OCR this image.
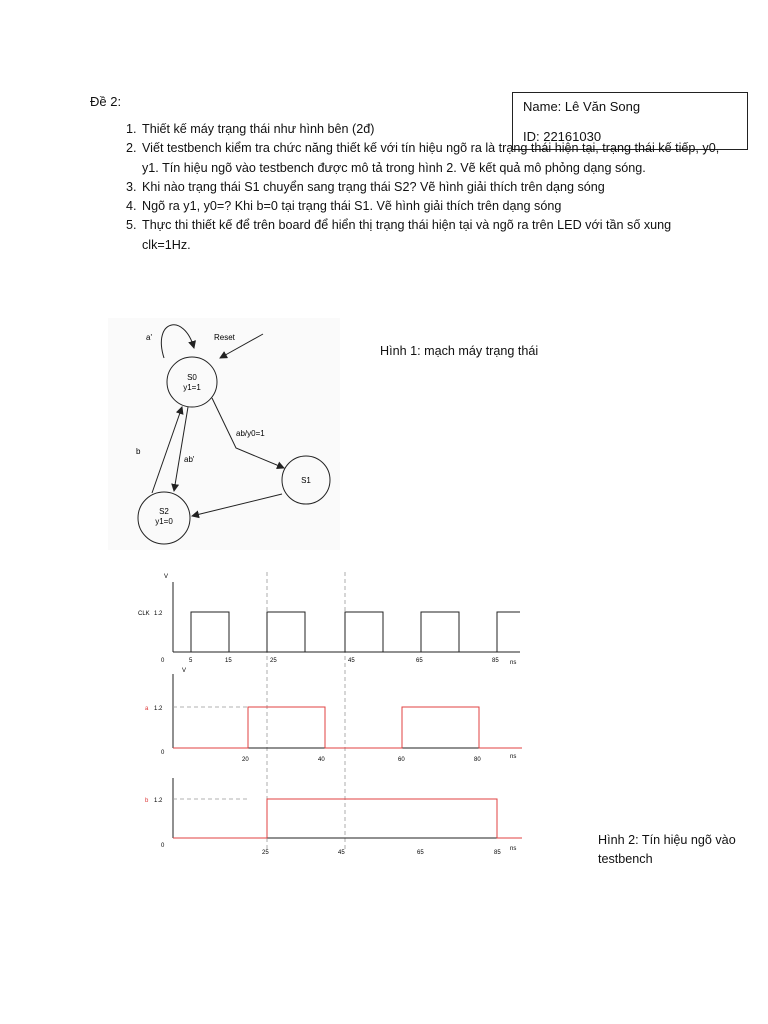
Đề 2:	Name: Lê Văn Song
ID: 22161030
1. Thiết kế máy trạng thái như hình bên (2đ)
2. Viết testbench kiểm tra chức năng thiết kế với tín hiệu ngõ ra là trạng thái hiện tại, trạng thái kế tiếp, y0, y1. Tín hiệu ngõ vào testbench được mô tả trong hình 2. Vẽ kết quả mô phỏng dạng sóng.
3. Khi nào trạng thái S1 chuyển sang trạng thái S2? Vẽ hình giải thích trên dạng sóng
4. Ngõ ra y1, y0=? Khi b=0 tại trạng thái S1. Vẽ hình giải thích trên dạng sóng
5. Thực thi thiết kế để trên board để hiển thị trạng thái hiện tại và ngõ ra trên LED với tần số xung clk=1Hz.
a'	Reset
S0
y1=1
S1
S2
y1=0
ab/y0=1
ab'
b
Hình 1: mạch máy trạng thái
V
CLK 1.2
0	5	15	25	45	65	85 ns
V
a 1.2
0
20	40	60	80	ns
b 1.2
0
25	45	65	85
ns
Hình 2: Tín hiệu ngõ vào testbench
